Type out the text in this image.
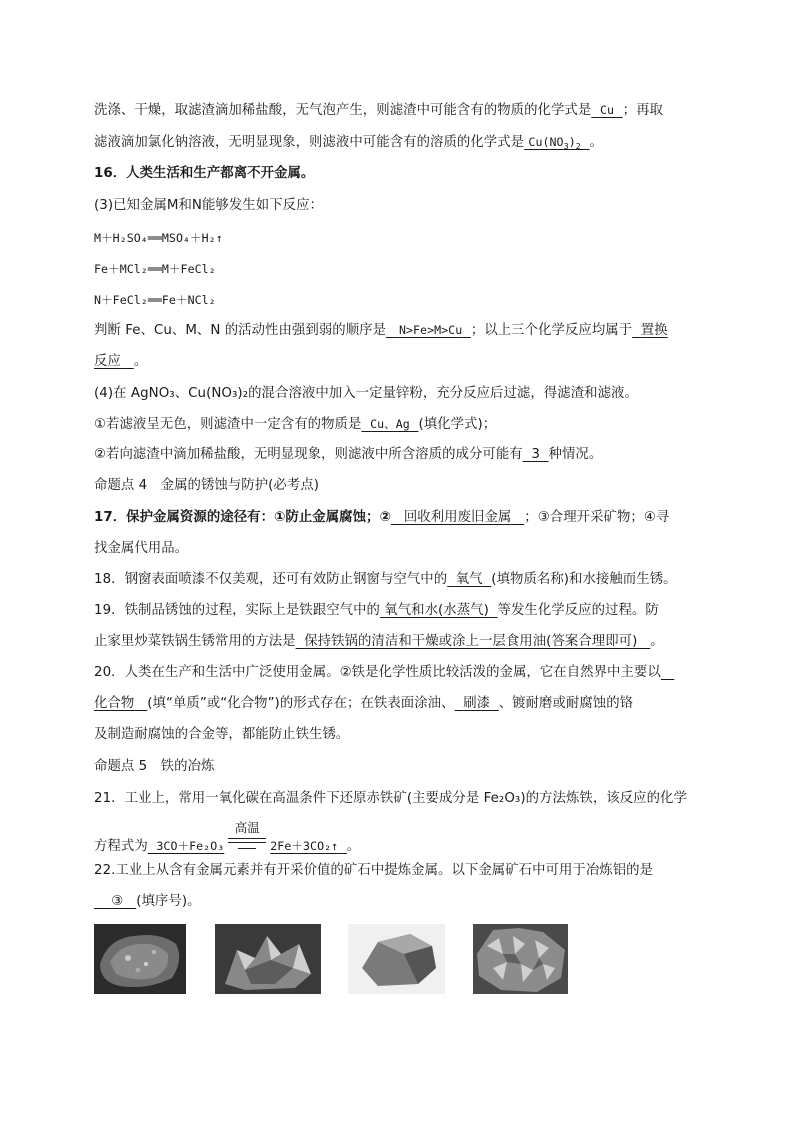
洗涤、干燥，取滤渣滴加稀盐酸，无气泡产生，则滤渣中可能含有的物质的化学式是 Cu ；再取
滤液滴加氯化钠溶液，无明显现象，则滤液中可能含有的溶质的化学式是 $Cu(NO_3)_2$ 。
16．人类生活和生产都离不开金属。
(3)已知金属M和N能够发生如下反应：
M＋H₂SO₄══MSO₄＋H₂↑
Fe＋MCl₂══M＋FeCl₂
N＋FeCl₂══Fe＋NCl₂
判断 Fe、Cu、M、N 的活动性由强到弱的顺序是 N>Fe>M>Cu ；以上三个化学反应均属于 置换
反应 。
(4)在 AgNO₃、Cu(NO₃)₂的混合溶液中加入一定量锌粉，充分反应后过滤，得滤渣和滤液。
①若滤液呈无色，则滤渣中一定含有的物质是 Cu、Ag (填化学式)；
②若向滤渣中滴加稀盐酸，无明显现象，则滤液中所含溶质的成分可能有 3 种情况。
命题点 4　金属的锈蚀与防护(必考点)
17．保护金属资源的途径有：①防止金属腐蚀；② 回收利用废旧金属 ；③合理开采矿物；④寻
找金属代用品。
18．钢窗表面喷漆不仅美观，还可有效防止钢窗与空气中的 氧气 (填物质名称)和水接触而生锈。
19．铁制品锈蚀的过程，实际上是铁跟空气中的 氧气和水(水蒸气) 等发生化学反应的过程。防
止家里炒菜铁锅生锈常用的方法是 保持铁锅的清洁和干燥或涂上一层食用油(答案合理即可) 。
20．人类在生产和生活中广泛使用金属。②铁是化学性质比较活泼的金属，它在自然界中主要以　
化合物 (填“单质”或“化合物”)的形式存在；在铁表面涂油、 刷漆 、镀耐磨或耐腐蚀的铬
及制造耐腐蚀的合金等，都能防止铁生锈。
命题点 5　铁的冶炼
21．工业上，常用一氧化碳在高温条件下还原赤铁矿(主要成分是 Fe₂O₃)的方法炼铁，该反应的化学
方程式为 3CO＋Fe₂O₃
高温
2Fe＋3CO₂↑ 。
22.工业上从含有金属元素并有开采价值的矿石中提炼金属。以下金属矿石中可用于冶炼铝的是
③ (填序号)。
